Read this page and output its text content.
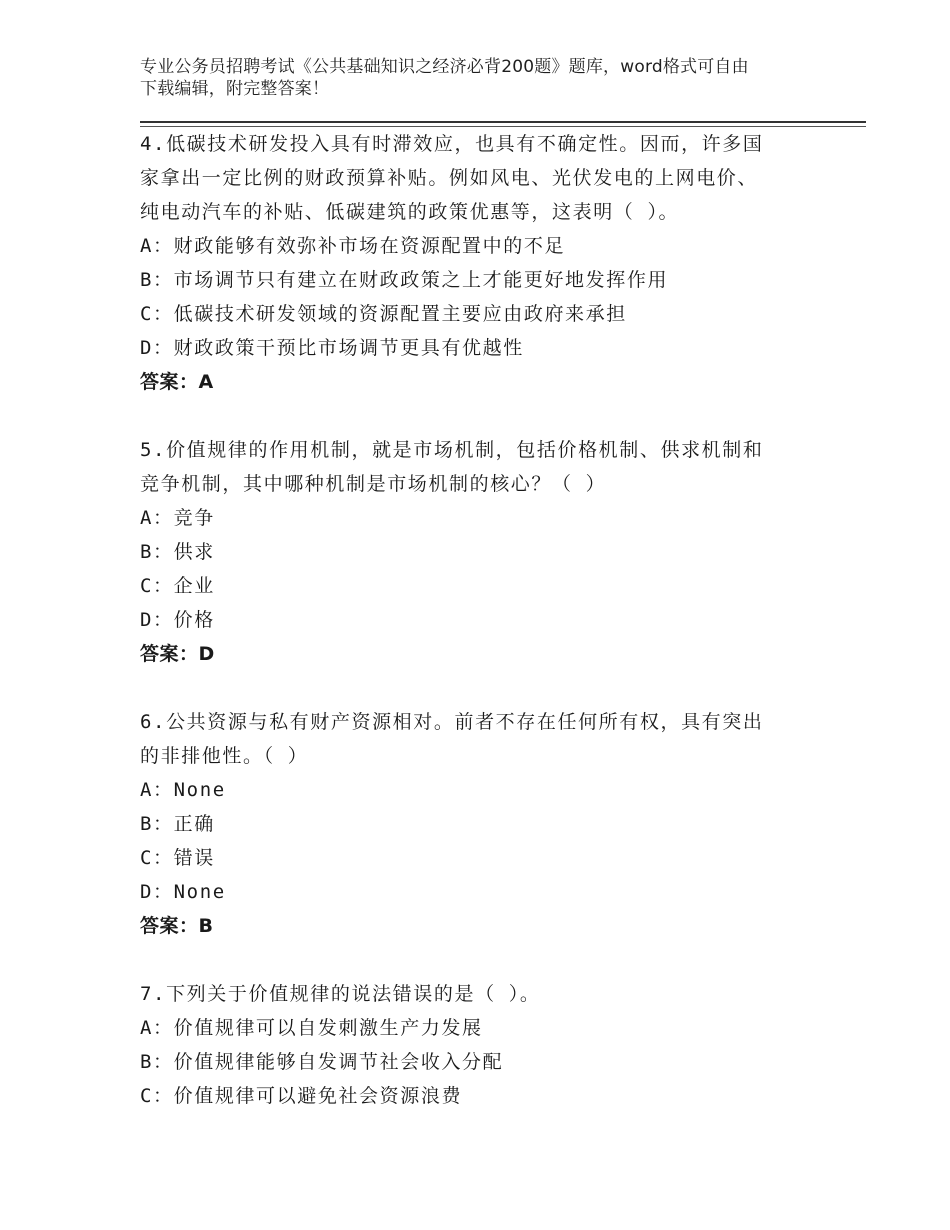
专业公务员招聘考试《公共基础知识之经济必背200题》题库，word格式可自由
下载编辑，附完整答案！
4.低碳技术研发投入具有时滞效应，也具有不确定性。因而，许多国
家拿出一定比例的财政预算补贴。例如风电、光伏发电的上网电价、
纯电动汽车的补贴、低碳建筑的政策优惠等，这表明（ ）。
A：财政能够有效弥补市场在资源配置中的不足
B：市场调节只有建立在财政政策之上才能更好地发挥作用
C：低碳技术研发领域的资源配置主要应由政府来承担
D：财政政策干预比市场调节更具有优越性
答案：A
5.价值规律的作用机制，就是市场机制，包括价格机制、供求机制和
竞争机制，其中哪种机制是市场机制的核心？（ ）
A：竞争
B：供求
C：企业
D：价格
答案：D
6.公共资源与私有财产资源相对。前者不存在任何所有权，具有突出
的非排他性。（ ）
A：None
B：正确
C：错误
D：None
答案：B
7.下列关于价值规律的说法错误的是（ ）。
A：价值规律可以自发刺激生产力发展
B：价值规律能够自发调节社会收入分配
C：价值规律可以避免社会资源浪费
